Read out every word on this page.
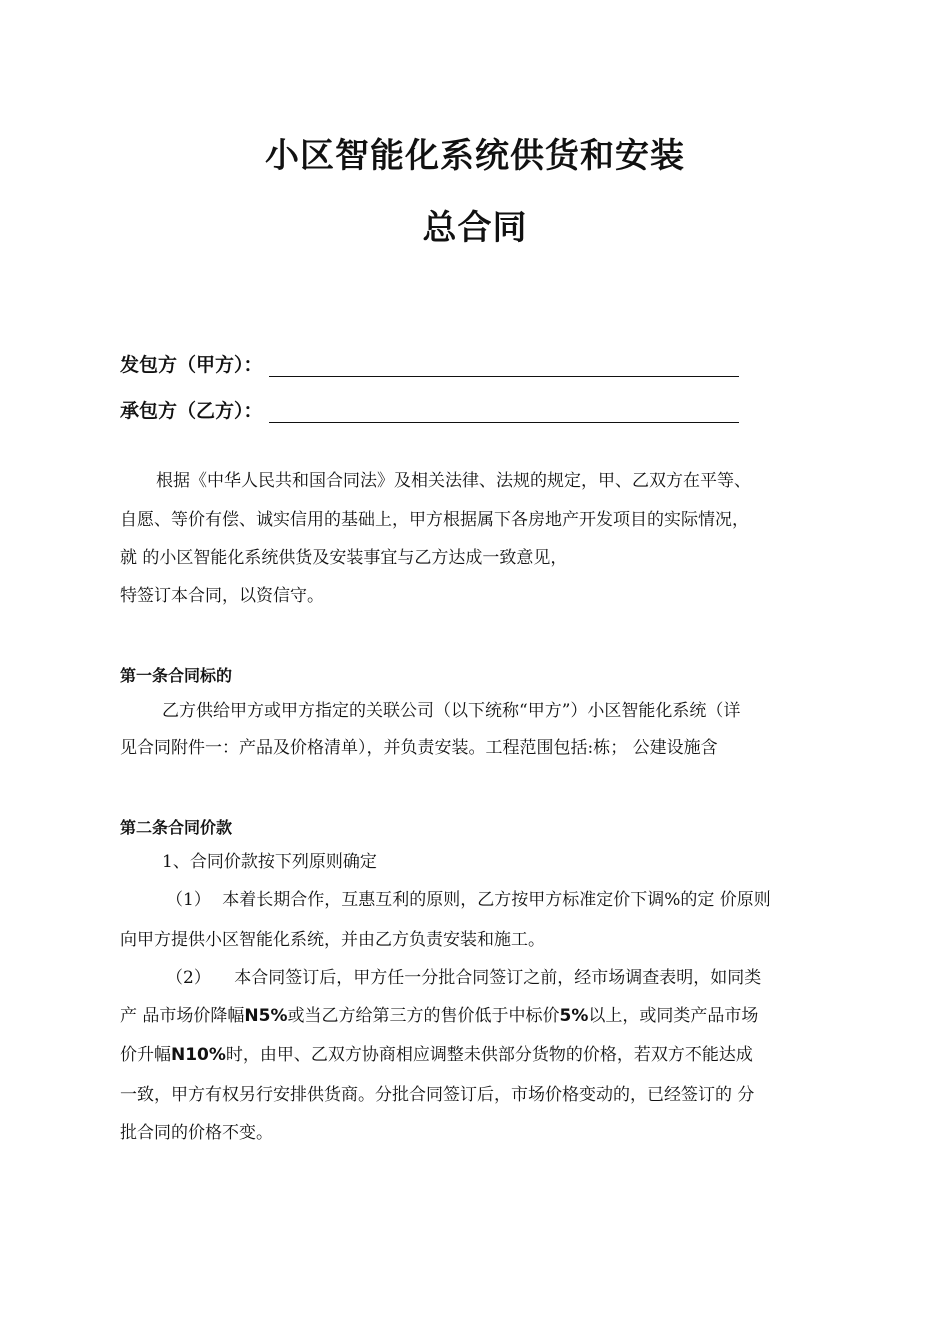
小区智能化系统供货和安装
总合同
发包方（甲方）：
承包方（乙方）：
根据《中华人民共和国合同法》及相关法律、法规的规定，甲、乙双方在平等、
自愿、等价有偿、诚实信用的基础上，甲方根据属下各房地产开发项目的实际情况，
就 的小区智能化系统供货及安装事宜与乙方达成一致意见，
特签订本合同，以资信守。
第一条合同标的
乙方供给甲方或甲方指定的关联公司（以下统称“甲方”）小区智能化系统（详
见合同附件一：产品及价格清单），并负责安装。工程范围包括:栋； 公建设施含
第二条合同价款
1、合同价款按下列原则确定
（1） 本着长期合作，互惠互利的原则，乙方按甲方标准定价下调%的定 价原则
向甲方提供小区智能化系统，并由乙方负责安装和施工。
（2） 本合同签订后，甲方任一分批合同签订之前，经市场调查表明，如同类
产 品市场价降幅N5%或当乙方给第三方的售价低于中标价5%以上，或同类产品市场
价升幅N10%时，由甲、乙双方协商相应调整未供部分货物的价格，若双方不能达成
一致，甲方有权另行安排供货商。分批合同签订后，市场价格变动的，已经签订的 分
批合同的价格不变。
